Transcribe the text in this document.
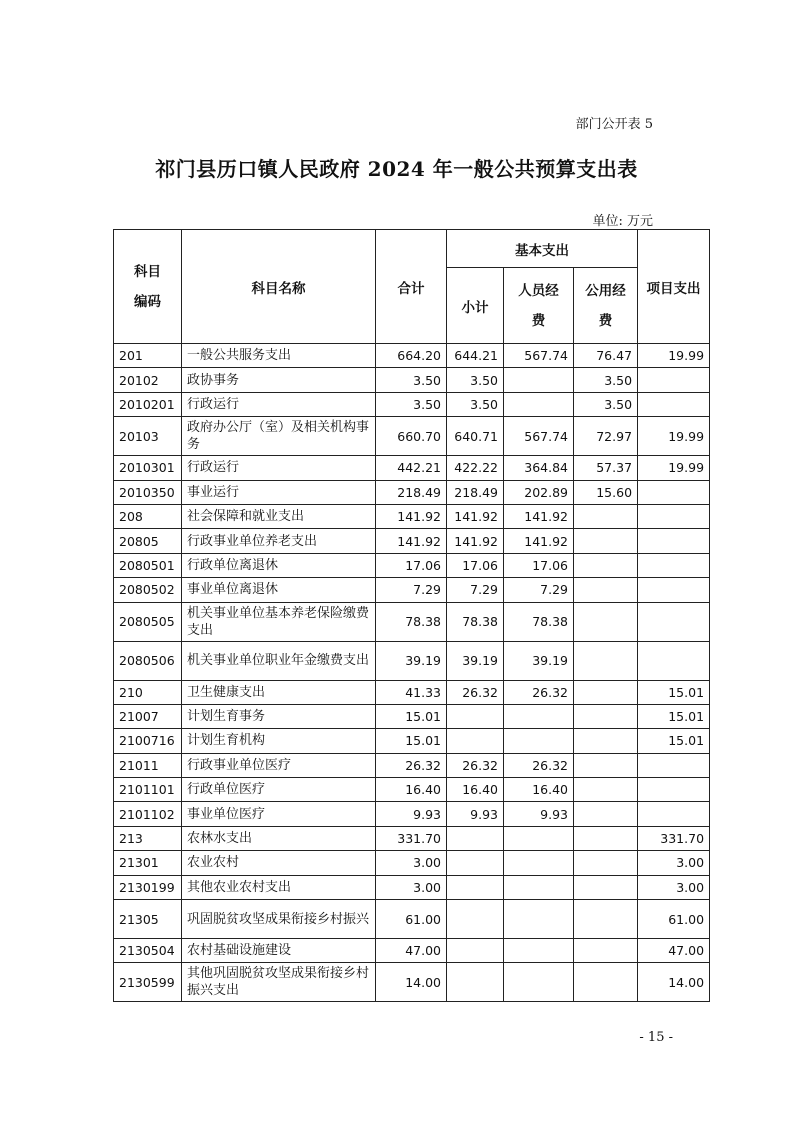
部门公开表 5
祁门县历口镇人民政府 2024 年一般公共预算支出表
单位: 万元
科目
编码	科目名称	合计	基本支出			项目支出
			小计	人员经
费	公用经
费	

201	一般公共服务支出	664.20	644.21	567.74	76.47	19.99
20102	政协事务	3.50	3.50		3.50	
2010201	行政运行	3.50	3.50		3.50	
20103	政府办公厅（室）及相关机构事务	660.70	640.71	567.74	72.97	19.99
2010301	行政运行	442.21	422.22	364.84	57.37	19.99
2010350	事业运行	218.49	218.49	202.89	15.60	
208	社会保障和就业支出	141.92	141.92	141.92		
20805	行政事业单位养老支出	141.92	141.92	141.92		
2080501	行政单位离退休	17.06	17.06	17.06		
2080502	事业单位离退休	7.29	7.29	7.29		
2080505	机关事业单位基本养老保险缴费支出	78.38	78.38	78.38		
2080506	机关事业单位职业年金缴费支出	39.19	39.19	39.19		
210	卫生健康支出	41.33	26.32	26.32		15.01
21007	计划生育事务	15.01				15.01
2100716	计划生育机构	15.01				15.01
21011	行政事业单位医疗	26.32	26.32	26.32		
2101101	行政单位医疗	16.40	16.40	16.40		
2101102	事业单位医疗	9.93	9.93	9.93		
213	农林水支出	331.70				331.70
21301	农业农村	3.00				3.00
2130199	其他农业农村支出	3.00				3.00
21305	巩固脱贫攻坚成果衔接乡村振兴	61.00				61.00
2130504	农村基础设施建设	47.00				47.00
2130599	其他巩固脱贫攻坚成果衔接乡村振兴支出	14.00				14.00
- 15 -
